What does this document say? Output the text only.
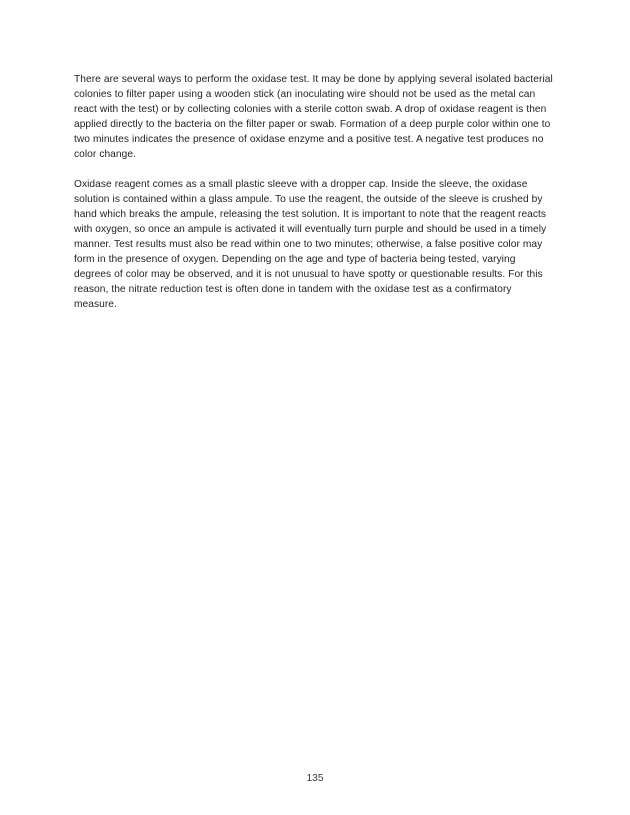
There are several ways to perform the oxidase test. It may be done by applying several isolated bacterial colonies to filter paper using a wooden stick (an inoculating wire should not be used as the metal can react with the test) or by collecting colonies with a sterile cotton swab. A drop of oxidase reagent is then applied directly to the bacteria on the filter paper or swab. Formation of a deep purple color within one to two minutes indicates the presence of oxidase enzyme and a positive test. A negative test produces no color change.

Oxidase reagent comes as a small plastic sleeve with a dropper cap. Inside the sleeve, the oxidase solution is contained within a glass ampule. To use the reagent, the outside of the sleeve is crushed by hand which breaks the ampule, releasing the test solution. It is important to note that the reagent reacts with oxygen, so once an ampule is activated it will eventually turn purple and should be used in a timely manner. Test results must also be read within one to two minutes; otherwise, a false positive color may form in the presence of oxygen. Depending on the age and type of bacteria being tested, varying degrees of color may be observed, and it is not unusual to have spotty or questionable results. For this reason, the nitrate reduction test is often done in tandem with the oxidase test as a confirmatory measure.

135
